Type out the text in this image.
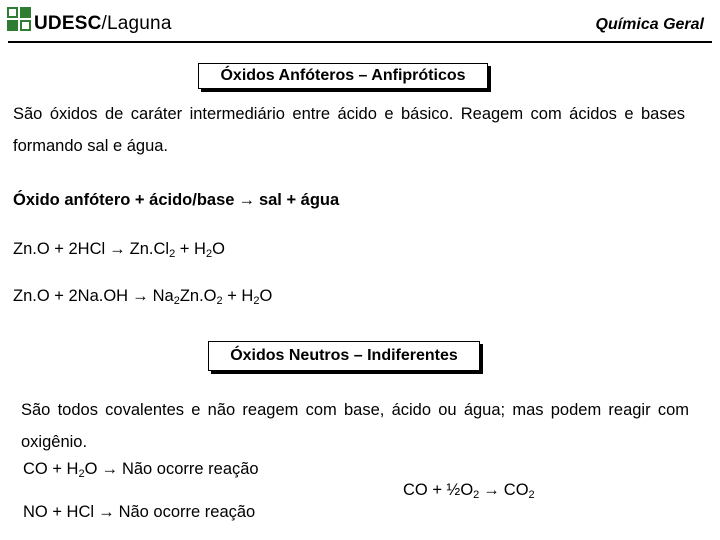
UDESC/Laguna	Química Geral
Óxidos Anfóteros – Anfipróticos
São óxidos de caráter intermediário entre ácido e básico. Reagem com ácidos e bases formando sal e água.
Óxido anfótero + ácido/base → sal + água
$Zn.O + 2HCl \to Zn.Cl_2 + H_2O$
$Zn.O + 2Na.OH \to Na_2Zn.O_2 + H_2O$
Óxidos Neutros – Indiferentes
São todos covalentes e não reagem com base, ácido ou água; mas podem reagir com oxigênio.
CO + $H_2O$ → Não ocorre reação
NO + HCl → Não ocorre reação
CO + $\frac{1}{2}O_2 \to CO_2$
